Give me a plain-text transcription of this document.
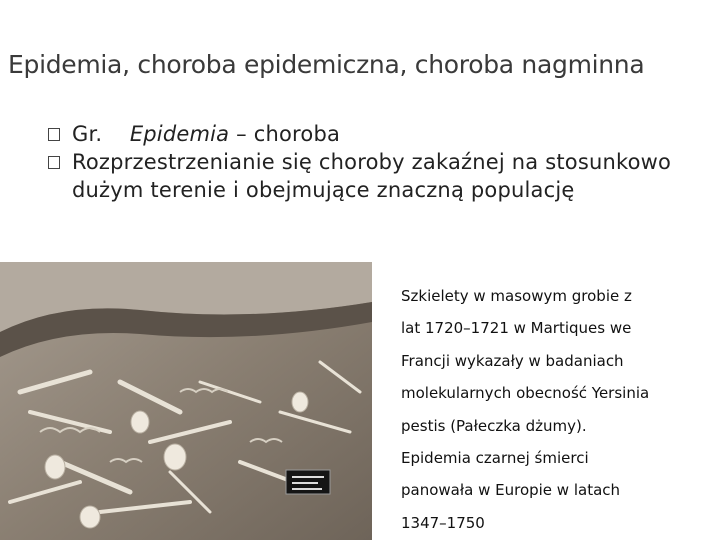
Epidemia, choroba epidemiczna, choroba nagminna
Gr. Epidemia – choroba
Rozprzestrzenianie się choroby zakaźnej na stosunkowo dużym terenie i obejmujące znaczną populację
Szkielety w masowym grobie z
lat 1720–1721 w Martiques we
Francji wykazały w badaniach
molekularnych obecność Yersinia
pestis (Pałeczka dżumy).
Epidemia czarnej śmierci
panowała w Europie w latach
1347–1750
